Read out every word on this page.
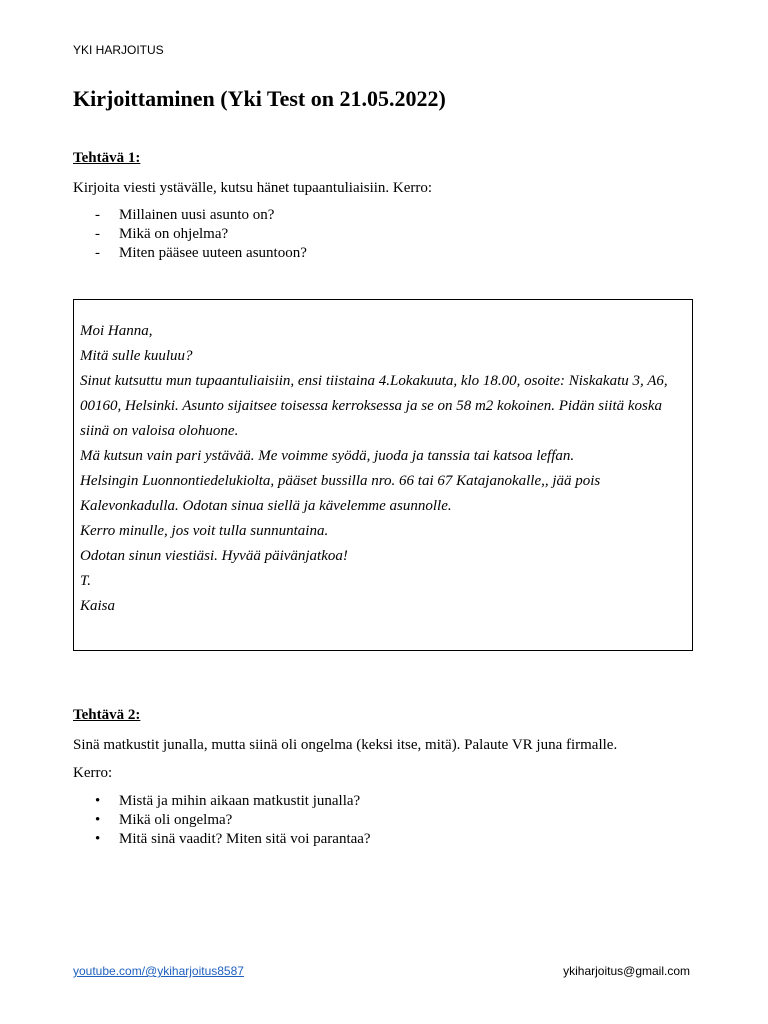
YKI HARJOITUS
Kirjoittaminen (Yki Test on 21.05.2022)
Tehtävä 1:

Kirjoita viesti ystävälle, kutsu hänet tupaantuliaisiin. Kerro:

- Millainen uusi asunto on?
- Mikä on ohjelma?
- Miten pääsee uuteen asuntoon?
Moi Hanna,
Mitä sulle kuuluu?
Sinut kutsuttu mun tupaantuliaisiin, ensi tiistaina 4.Lokakuuta, klo 18.00, osoite: Niskakatu 3, A6,
00160, Helsinki. Asunto sijaitsee toisessa kerroksessa ja se on 58 m2 kokoinen. Pidän siitä koska
siinä on valoisa olohuone.
Mä kutsun vain pari ystävää. Me voimme syödä, juoda ja tanssia tai katsoa leffan.
Helsingin Luonnontiedelukiolta, pääset bussilla nro. 66 tai 67 Katajanokalle,, jää pois
Kalevonkadulla. Odotan sinua siellä ja kävelemme asunnolle.
Kerro minulle, jos voit tulla sunnuntaina.
Odotan sinun viestiäsi. Hyvää päivänjatkoa!
T.
Kaisa
Tehtävä 2:

Sinä matkustit junalla, mutta siinä oli ongelma (keksi itse, mitä). Palaute VR juna firmalle.

Kerro:

• Mistä ja mihin aikaan matkustit junalla?
• Mikä oli ongelma?
• Mitä sinä vaadit? Miten sitä voi parantaa?
youtube.com/@ykiharjoitus8587	ykiharjoitus@gmail.com
